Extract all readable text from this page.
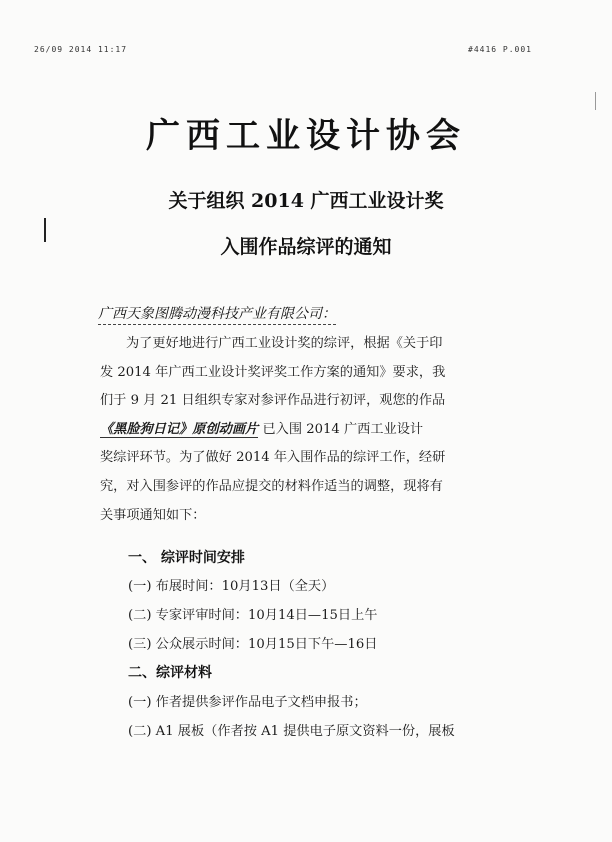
26/09 2014 11:17	#4416 P.001
广西工业设计协会
关于组织 2014 广西工业设计奖
入围作品综评的通知
广西天象图腾动漫科技产业有限公司：
为了更好地进行广西工业设计奖的综评，根据《关于印
发 2014 年广西工业设计奖评奖工作方案的通知》要求，我
们于 9 月 21 日组织专家对参评作品进行初评，观您的作品
《黑脸狗日记》原创动画片 已入围 2014 广西工业设计
奖综评环节。为了做好 2014 年入围作品的综评工作，经研
究，对入围参评的作品应提交的材料作适当的调整，现将有
关事项通知如下：
一、 综评时间安排
(一) 布展时间：10月13日（全天）
(二) 专家评审时间：10月14日—15日上午
(三) 公众展示时间：10月15日下午—16日
二、综评材料
(一) 作者提供参评作品电子文档申报书；
(二) A1 展板（作者按 A1 提供电子原文资料一份，展板
